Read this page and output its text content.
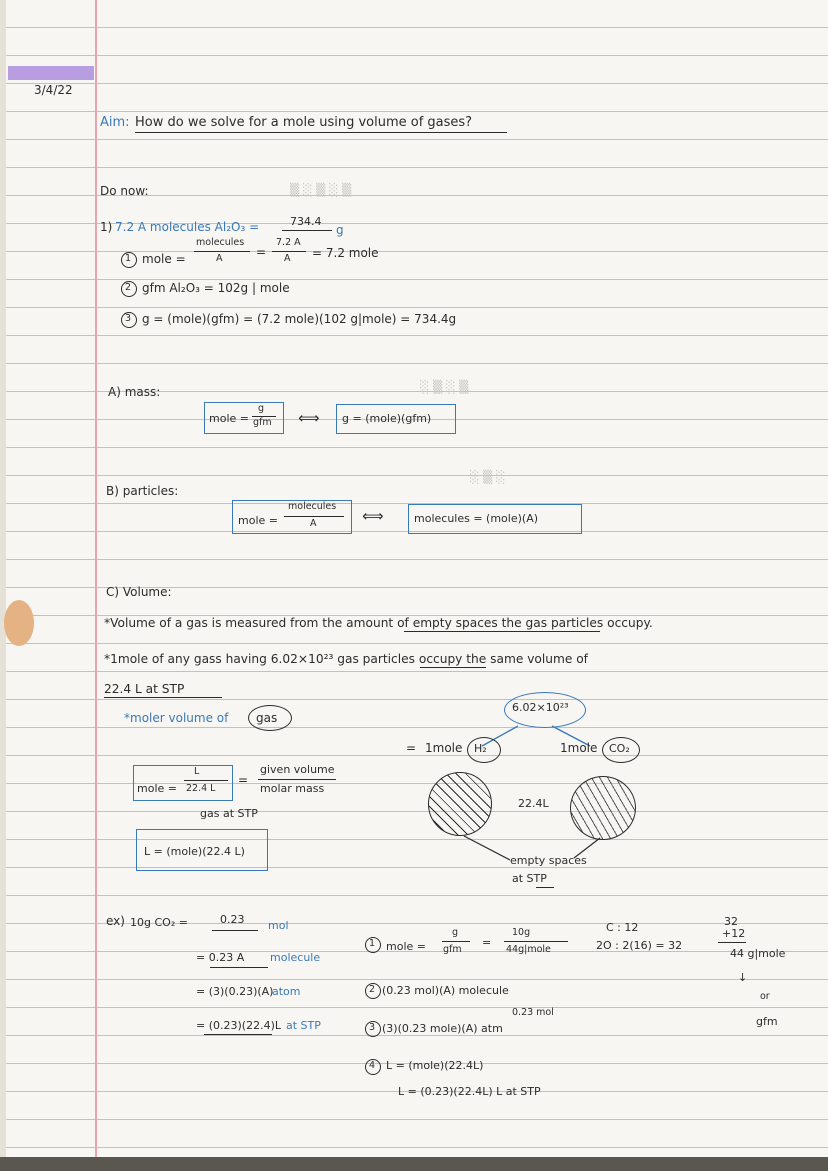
▒ ░ ▒ ░ ▒
░ ▒ ░ ▒
░ ▒ ░
3/4/22
Aim: How do we solve for a mole using volume of gases?
Do now:
1) 7.2 A molecules Al₂O₃ =	734.4
g
1 mole =
molecules
A	=
7.2 A
A = 7.2 mole
2 gfm Al₂O₃ = 102g | mole
3 g = (mole)(gfm) = (7.2 mole)(102 g|mole) = 734.4g
A) mass:
mole =
g
gfm ⟺ g = (mole)(gfm)
B) particles:
mole =
molecules
A	⟺	molecules = (mole)(A)
C) Volume:
*Volume of a gas is measured from the amount of empty spaces the gas particles occupy.
*1mole of any gass having 6.02×10²³ gas particles occupy the same volume of
22.4 L at STP
*moler volume of gas
mole =
L
22.4 L
=
given volume
molar mass
gas at STP
L = (mole)(22.4 L)
6.02×10²³
= 1mole H₂	1mole CO₂
22.4L
empty spaces
at STP
ex) 10g CO₂ =	0.23 mol
= 0.23 A molecule
= (3)(0.23)(A)
atom
= (0.23)(22.4)L at STP
1 mole =
g
gfm
=
10g
44g|mole
2 (0.23 mol)(A) molecule
0.23 mol
3 (3)(0.23 mole)(A) atm
4 L = (mole)(22.4L)
L = (0.23)(22.4L) L at STP
C : 12
2O : 2(16) = 32
32
+12
44 g|mole
↓
or
gfm
